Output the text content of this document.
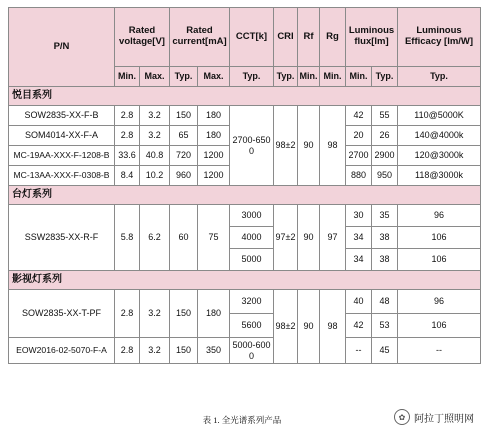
P/N	Rated voltage[V]		Rated current[mA]		CCT[k]	CRI	Rf	Rg	Luminous flux[lm]		Luminous Efficacy [lm/W]
	Min.	Max.	Typ.	Max.	Typ.	Typ.	Min.	Min.	Min.	Typ.	Typ.
悦目系列											
SOW2835-XX-F-B	2.8	3.2	150	180	2700-6500	98±2	90	98	42	55	110@5000K
SOM4014-XX-F-A	2.8	3.2	65	180					20	26	140@4000k
MC-19AA-XXX-F-1208-B	33.6	40.8	720	1200					2700	2900	120@3000k
MC-13AA-XXX-F-0308-B	8.4	10.2	960	1200					880	950	118@3000k
台灯系列											
SSW2835-XX-R-F	5.8	6.2	60	75	3000	97±2	90	97	30	35	96
					4000				34	38	106
					5000				34	38	106
影视灯系列											
SOW2835-XX-T-PF	2.8	3.2	150	180	3200	98±2	90	98	40	48	96
					5600				42	53	106
EOW2016-02-5070-F-A	2.8	3.2	150	350	5000-6000				--	45	--
表 1. 全光谱系列产品	✿ 阿拉丁照明网
